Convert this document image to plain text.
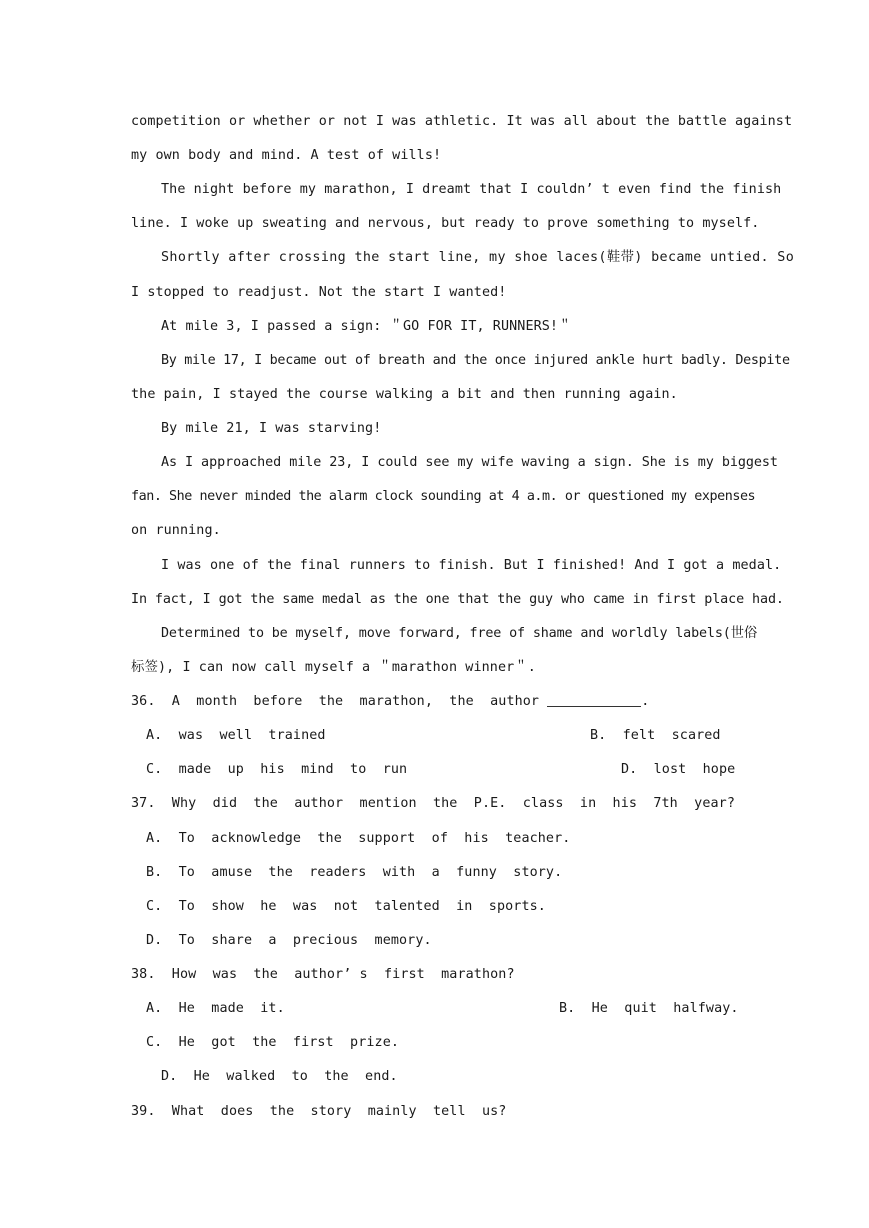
competition or whether or not I was athletic. It was all about the battle against
my own body and mind. A test of wills!
The night before my marathon, I dreamt that I couldn’ t even find the finish
line. I woke up sweating and nervous, but ready to prove something to myself.
Shortly after crossing the start line, my shoe laces(鞋带) became untied. So
I stopped to readjust. Not the start I wanted!
At mile 3, I passed a sign: ＂GO FOR IT, RUNNERS!＂
By mile 17, I became out of breath and the once injured ankle hurt badly. Despite
the pain, I stayed the course walking a bit and then running again.
By mile 21, I was starving!
As I approached mile 23, I could see my wife waving a sign. She is my biggest
fan. She never minded the alarm clock sounding at 4 a.m. or questioned my expenses
on running.
I was one of the final runners to finish. But I finished! And I got a medal.
In fact, I got the same medal as the one that the guy who came in first place had.
Determined to be myself, move forward, free of shame and worldly labels(世俗
标签), I can now call myself a ＂marathon winner＂.
36.  A  month  before  the  marathon,  the  author	.
A.  was  well  trained	B.  felt  scared
C.  made  up  his  mind  to  run	D.  lost  hope
37.  Why  did  the  author  mention  the  P.E.  class  in  his  7th  year?
A.  To  acknowledge  the  support  of  his  teacher.
B.  To  amuse  the  readers  with  a  funny  story.
C.  To  show  he  was  not  talented  in  sports.
D.  To  share  a  precious  memory.
38.  How  was  the  author’ s  first  marathon?
A.  He  made  it.	B.  He  quit  halfway.
C.  He  got  the  first  prize.
D.  He  walked  to  the  end.
39.  What  does  the  story  mainly  tell  us?
